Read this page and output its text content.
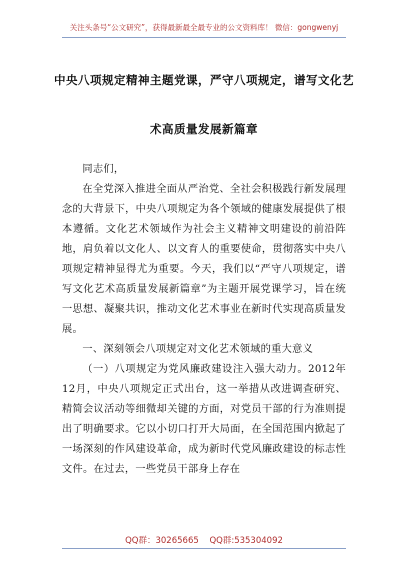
关注头条号“公文研究”，获得最新最全最专业的公文资料库！ 微信：gongwenyj
中央八项规定精神主题党课，严守八项规定，谱写文化艺
术高质量发展新篇章

同志们，

在全党深入推进全面从严治党、全社会积极践行新发展理念的大背景下，中央八项规定为各个领域的健康发展提供了根本遵循。文化艺术领域作为社会主义精神文明建设的前沿阵地，肩负着以文化人、以文育人的重要使命，贯彻落实中央八项规定精神显得尤为重要。今天，我们以“严守八项规定，谱写文化艺术高质量发展新篇章”为主题开展党课学习，旨在统一思想、凝聚共识，推动文化艺术事业在新时代实现高质量发展。

一、深刻领会八项规定对文化艺术领域的重大意义

（一）八项规定为党风廉政建设注入强大动力。2012年12月，中央八项规定正式出台，这一举措从改进调查研究、精简会议活动等细微却关键的方面，对党员干部的行为准则提出了明确要求。它以小切口打开大局面，在全国范围内掀起了一场深刻的作风建设革命，成为新时代党风廉政建设的标志性文件。在过去，一些党员干部身上存在

QQ群：30265665 QQ群:535304092
